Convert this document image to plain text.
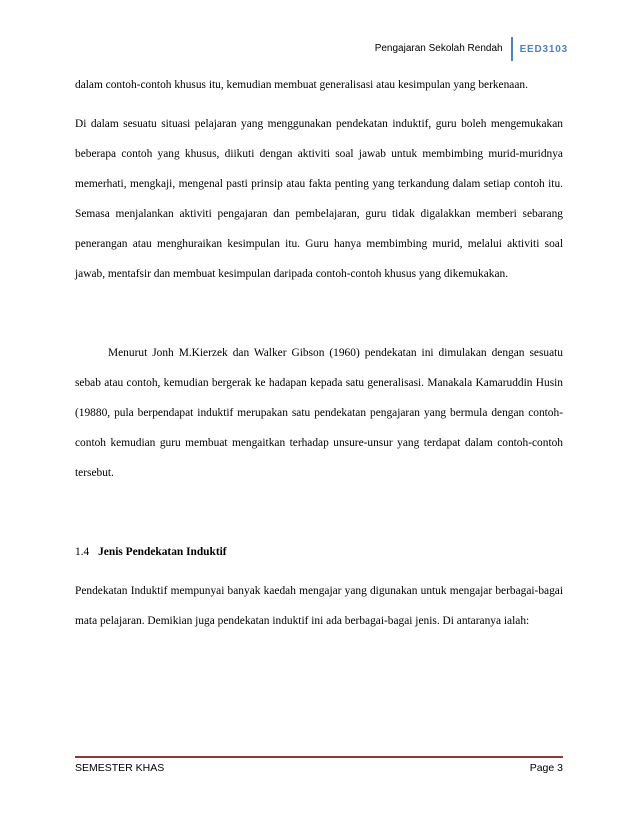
Pengajaran Sekolah Rendah	EED3103

dalam contoh-contoh khusus itu, kemudian membuat generalisasi atau kesimpulan yang berkenaan.

Di dalam sesuatu situasi pelajaran yang menggunakan pendekatan induktif, guru boleh mengemukakan beberapa contoh yang khusus, diikuti dengan aktiviti soal jawab untuk membimbing murid-muridnya memerhati, mengkaji, mengenal pasti prinsip atau fakta penting yang terkandung dalam setiap contoh itu. Semasa menjalankan aktiviti pengajaran dan pembelajaran, guru tidak digalakkan memberi sebarang penerangan atau menghuraikan kesimpulan itu. Guru hanya membimbing murid, melalui aktiviti soal jawab, mentafsir dan membuat kesimpulan daripada contoh-contoh khusus yang dikemukakan.

Menurut Jonh M.Kierzek dan Walker Gibson (1960) pendekatan ini dimulakan dengan sesuatu sebab atau contoh, kemudian bergerak ke hadapan kepada satu generalisasi. Manakala Kamaruddin Husin (19880, pula berpendapat induktif merupakan satu pendekatan pengajaran yang bermula dengan contoh-contoh kemudian guru membuat mengaitkan terhadap unsure-unsur yang terdapat dalam contoh-contoh tersebut.

1.4 Jenis Pendekatan Induktif

Pendekatan Induktif mempunyai banyak kaedah mengajar yang digunakan untuk mengajar berbagai-bagai mata pelajaran. Demikian juga pendekatan induktif ini ada berbagai-bagai jenis. Di antaranya ialah:

SEMESTER KHAS	Page 3
